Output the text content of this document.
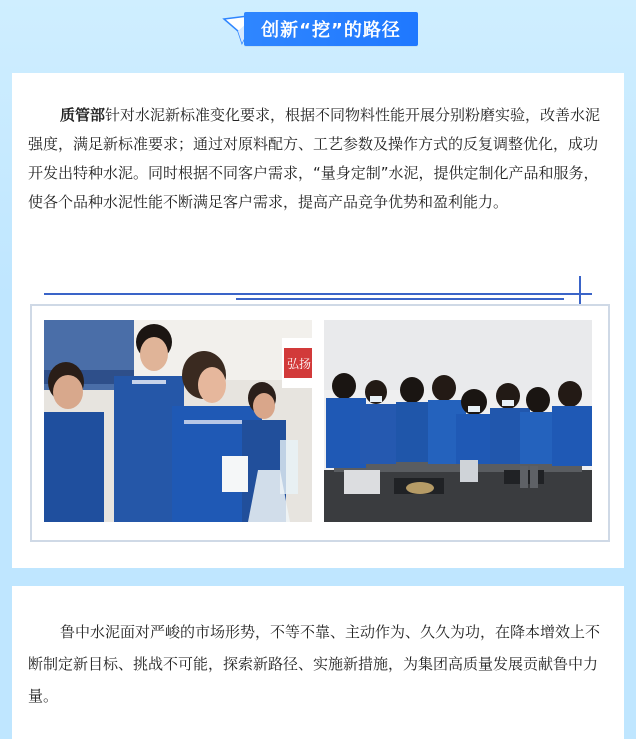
创新“挖”的路径
质管部针对水泥新标准变化要求，根据不同物料性能开展分别粉磨实验，改善水泥强度，满足新标准要求；通过对原料配方、工艺参数及操作方式的反复调整优化，成功开发出特种水泥。同时根据不同客户需求，“量身定制”水泥，提供定制化产品和服务，使各个品种水泥性能不断满足客户需求，提高产品竞争优势和盈利能力。
弘扬
鲁中水泥面对严峻的市场形势，不等不靠、主动作为、久久为功，在降本增效上不断制定新目标、挑战不可能，探索新路径、实施新措施，为集团高质量发展贡献鲁中力量。
